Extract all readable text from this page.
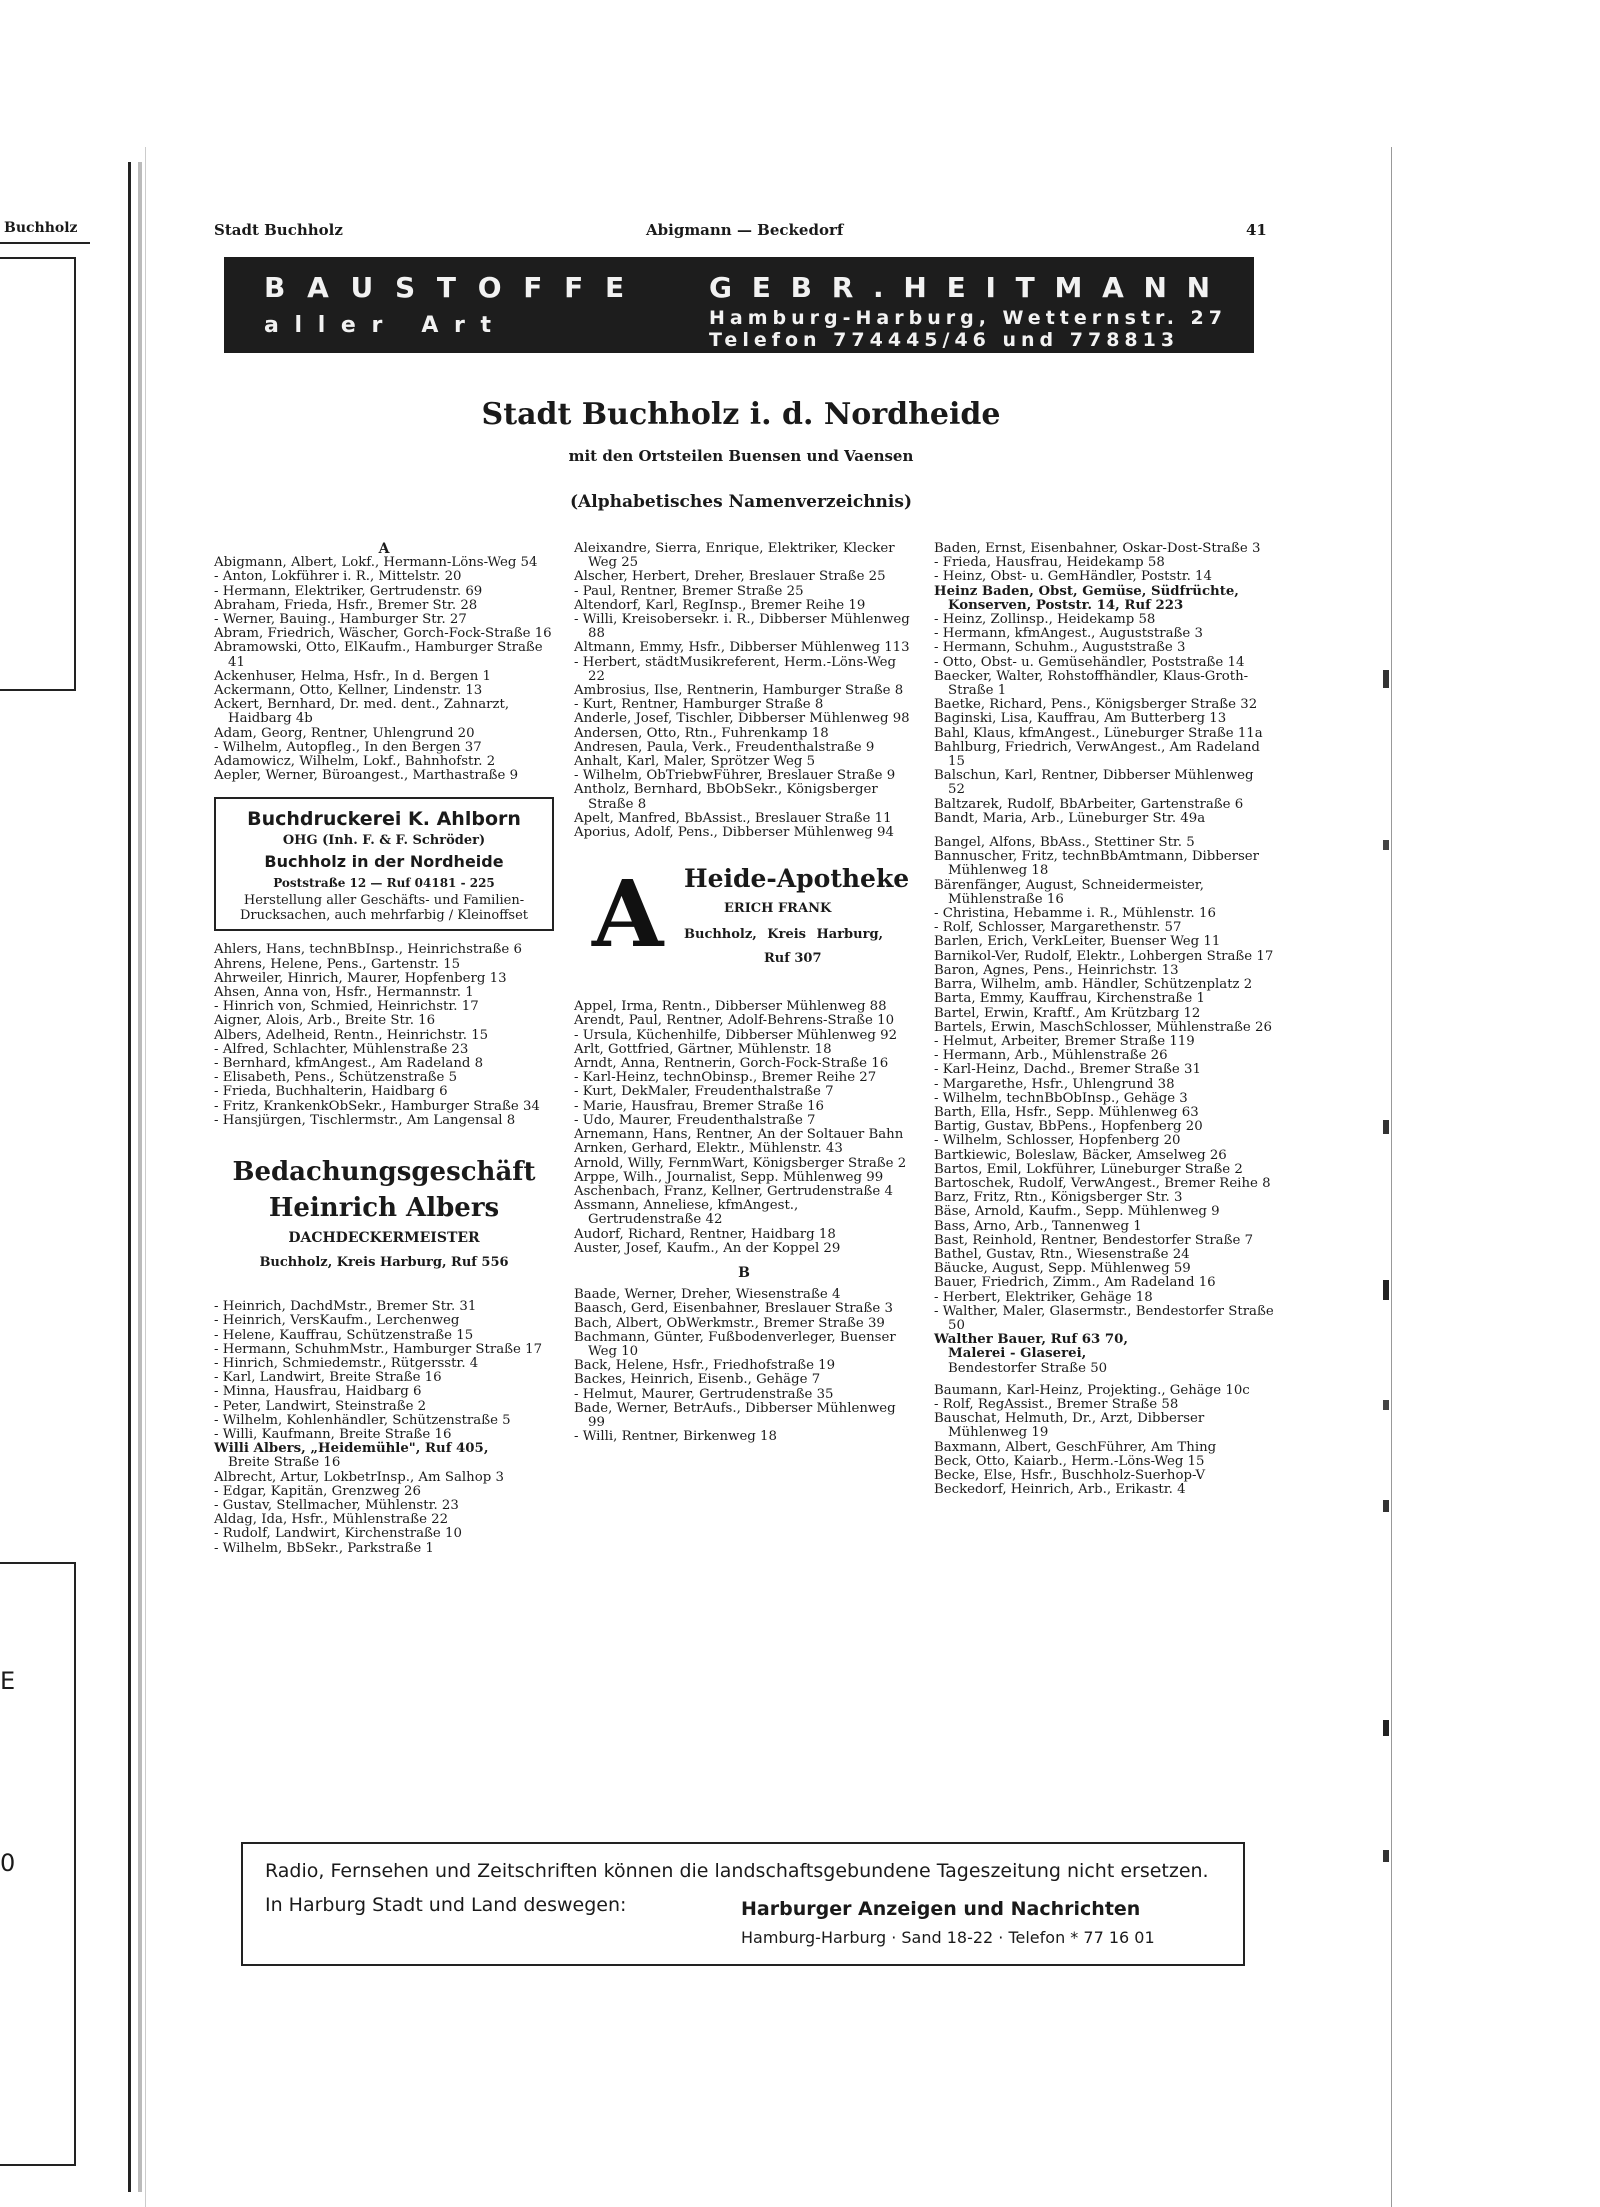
Buchholz
E
0
Stadt Buchholz	Abigmann — Beckedorf	41
B A U S T O F F E
a l l e r   A r t
G E B R . H E I T M A N N
Hamburg-Harburg, Wetternstr. 27
Telefon 774445/46 und 778813
Stadt Buchholz i. d. Nordheide
mit den Ortsteilen Buensen und Vaensen
(Alphabetisches Namenverzeichnis)

A

Abigmann, Albert, Lokf., Hermann-Löns-Weg 54

- Anton, Lokführer i. R., Mittelstr. 20

- Hermann, Elektriker, Gertrudenstr. 69

Abraham, Frieda, Hsfr., Bremer Str. 28

- Werner, Bauing., Hamburger Str. 27

Abram, Friedrich, Wäscher, Gorch-Fock-Straße 16

Abramowski, Otto, ElKaufm., Hamburger Straße 41

Ackenhuser, Helma, Hsfr., In d. Bergen 1

Ackermann, Otto, Kellner, Lindenstr. 13

Ackert, Bernhard, Dr. med. dent., Zahnarzt, Haidbarg 4b

Adam, Georg, Rentner, Uhlengrund 20

- Wilhelm, Autopfleg., In den Bergen 37

Adamowicz, Wilhelm, Lokf., Bahnhofstr. 2

Aepler, Werner, Büroangest., Marthastraße 9

Buchdruckerei K. Ahlborn
OHG (Inh. F. & F. Schröder)
Buchholz in der Nordheide
Poststraße 12 — Ruf 04181 - 225
Herstellung aller Geschäfts- und Familien-Drucksachen, auch mehrfarbig / Kleinoffset

Ahlers, Hans, technBbInsp., Heinrichstraße 6

Ahrens, Helene, Pens., Gartenstr. 15

Ahrweiler, Hinrich, Maurer, Hopfenberg 13

Ahsen, Anna von, Hsfr., Hermannstr. 1

- Hinrich von, Schmied, Heinrichstr. 17

Aigner, Alois, Arb., Breite Str. 16

Albers, Adelheid, Rentn., Heinrichstr. 15

- Alfred, Schlachter, Mühlenstraße 23

- Bernhard, kfmAngest., Am Radeland 8

- Elisabeth, Pens., Schützenstraße 5

- Frieda, Buchhalterin, Haidbarg 6

- Fritz, KrankenkObSekr., Hamburger Straße 34

- Hansjürgen, Tischlermstr., Am Langensal 8

Bedachungsgeschäft
Heinrich Albers
DACHDECKERMEISTER
Buchholz, Kreis Harburg, Ruf 556

- Heinrich, DachdMstr., Bremer Str. 31

- Heinrich, VersKaufm., Lerchenweg

- Helene, Kauffrau, Schützenstraße 15

- Hermann, SchuhmMstr., Hamburger Straße 17

- Hinrich, Schmiedemstr., Rütgersstr. 4

- Karl, Landwirt, Breite Straße 16

- Minna, Hausfrau, Haidbarg 6

- Peter, Landwirt, Steinstraße 2

- Wilhelm, Kohlenhändler, Schützenstraße 5

- Willi, Kaufmann, Breite Straße 16

Willi Albers, „Heidemühle", Ruf 405,

Breite Straße 16

Albrecht, Artur, LokbetrInsp., Am Salhop 3

- Edgar, Kapitän, Grenzweg 26

- Gustav, Stellmacher, Mühlenstr. 23

Aldag, Ida, Hsfr., Mühlenstraße 22

- Rudolf, Landwirt, Kirchenstraße 10

- Wilhelm, BbSekr., Parkstraße 1

Aleixandre, Sierra, Enrique, Elektriker, Klecker Weg 25

Alscher, Herbert, Dreher, Breslauer Straße 25

- Paul, Rentner, Bremer Straße 25

Altendorf, Karl, RegInsp., Bremer Reihe 19

- Willi, Kreisobersekr. i. R., Dibberser Mühlenweg 88

Altmann, Emmy, Hsfr., Dibberser Mühlenweg 113

- Herbert, städtMusikreferent, Herm.-Löns-Weg 22

Ambrosius, Ilse, Rentnerin, Hamburger Straße 8

- Kurt, Rentner, Hamburger Straße 8

Anderle, Josef, Tischler, Dibberser Mühlenweg 98

Andersen, Otto, Rtn., Fuhrenkamp 18

Andresen, Paula, Verk., Freudenthalstraße 9

Anhalt, Karl, Maler, Sprötzer Weg 5

- Wilhelm, ObTriebwFührer, Breslauer Straße 9

Antholz, Bernhard, BbObSekr., Königsberger Straße 8

Apelt, Manfred, BbAssist., Breslauer Straße 11

Aporius, Adolf, Pens., Dibberser Mühlenweg 94

A Heide-Apotheke
ERICH FRANK
Buchholz, Kreis Harburg,
Ruf 307

Appel, Irma, Rentn., Dibberser Mühlenweg 88

Arendt, Paul, Rentner, Adolf-Behrens-Straße 10

- Ursula, Küchenhilfe, Dibberser Mühlenweg 92

Arlt, Gottfried, Gärtner, Mühlenstr. 18

Arndt, Anna, Rentnerin, Gorch-Fock-Straße 16

- Karl-Heinz, technObinsp., Bremer Reihe 27

- Kurt, DekMaler, Freudenthalstraße 7

- Marie, Hausfrau, Bremer Straße 16

- Udo, Maurer, Freudenthalstraße 7

Arnemann, Hans, Rentner, An der Soltauer Bahn

Arnken, Gerhard, Elektr., Mühlenstr. 43

Arnold, Willy, FernmWart, Königsberger Straße 2

Arppe, Wilh., Journalist, Sepp. Mühlenweg 99

Aschenbach, Franz, Kellner, Gertrudenstraße 4

Assmann, Anneliese, kfmAngest., Gertrudenstraße 42

Audorf, Richard, Rentner, Haidbarg 18

Auster, Josef, Kaufm., An der Koppel 29

B

Baade, Werner, Dreher, Wiesenstraße 4

Baasch, Gerd, Eisenbahner, Breslauer Straße 3

Bach, Albert, ObWerkmstr., Bremer Straße 39

Bachmann, Günter, Fußbodenverleger, Buenser Weg 10

Back, Helene, Hsfr., Friedhofstraße 19

Backes, Heinrich, Eisenb., Gehäge 7

- Helmut, Maurer, Gertrudenstraße 35

Bade, Werner, BetrAufs., Dibberser Mühlenweg 99

- Willi, Rentner, Birkenweg 18

Baden, Ernst, Eisenbahner, Oskar-Dost-Straße 3

- Frieda, Hausfrau, Heidekamp 58

- Heinz, Obst- u. GemHändler, Poststr. 14

Heinz Baden, Obst, Gemüse, Südfrüchte, Konserven, Poststr. 14, Ruf 223

- Heinz, Zollinsp., Heidekamp 58

- Hermann, kfmAngest., Auguststraße 3

- Hermann, Schuhm., Auguststraße 3

- Otto, Obst- u. Gemüsehändler, Poststraße 14

Baecker, Walter, Rohstoffhändler, Klaus-Groth-Straße 1

Baetke, Richard, Pens., Königsberger Straße 32

Baginski, Lisa, Kauffrau, Am Butterberg 13

Bahl, Klaus, kfmAngest., Lüneburger Straße 11a

Bahlburg, Friedrich, VerwAngest., Am Radeland 15

Balschun, Karl, Rentner, Dibberser Mühlenweg 52

Baltzarek, Rudolf, BbArbeiter, Gartenstraße 6

Bandt, Maria, Arb., Lüneburger Str. 49a

Bangel, Alfons, BbAss., Stettiner Str. 5

Bannuscher, Fritz, technBbAmtmann, Dibberser Mühlenweg 18

Bärenfänger, August, Schneidermeister, Mühlenstraße 16

- Christina, Hebamme i. R., Mühlenstr. 16

- Rolf, Schlosser, Margarethenstr. 57

Barlen, Erich, VerkLeiter, Buenser Weg 11

Barnikol-Ver, Rudolf, Elektr., Lohbergen Straße 17

Baron, Agnes, Pens., Heinrichstr. 13

Barra, Wilhelm, amb. Händler, Schützenplatz 2

Barta, Emmy, Kauffrau, Kirchenstraße 1

Bartel, Erwin, Kraftf., Am Krützbarg 12

Bartels, Erwin, MaschSchlosser, Mühlenstraße 26

- Helmut, Arbeiter, Bremer Straße 119

- Hermann, Arb., Mühlenstraße 26

- Karl-Heinz, Dachd., Bremer Straße 31

- Margarethe, Hsfr., Uhlengrund 38

- Wilhelm, technBbObInsp., Gehäge 3

Barth, Ella, Hsfr., Sepp. Mühlenweg 63

Bartig, Gustav, BbPens., Hopfenberg 20

- Wilhelm, Schlosser, Hopfenberg 20

Bartkiewic, Boleslaw, Bäcker, Amselweg 26

Bartos, Emil, Lokführer, Lüneburger Straße 2

Bartoschek, Rudolf, VerwAngest., Bremer Reihe 8

Barz, Fritz, Rtn., Königsberger Str. 3

Bäse, Arnold, Kaufm., Sepp. Mühlenweg 9

Bass, Arno, Arb., Tannenweg 1

Bast, Reinhold, Rentner, Bendestorfer Straße 7

Bathel, Gustav, Rtn., Wiesenstraße 24

Bäucke, August, Sepp. Mühlenweg 59

Bauer, Friedrich, Zimm., Am Radeland 16

- Herbert, Elektriker, Gehäge 18

- Walther, Maler, Glasermstr., Bendestorfer Straße 50

Walther Bauer, Ruf 63 70,

Malerei - Glaserei,

Bendestorfer Straße 50

Baumann, Karl-Heinz, Projekting., Gehäge 10c

- Rolf, RegAssist., Bremer Straße 58

Bauschat, Helmuth, Dr., Arzt, Dibberser Mühlenweg 19

Baxmann, Albert, GeschFührer, Am Thing

Beck, Otto, Kaiarb., Herm.-Löns-Weg 15

Becke, Else, Hsfr., Buschholz-Suerhop-V

Beckedorf, Heinrich, Arb., Erikastr. 4

Radio, Fernsehen und Zeitschriften können die landschaftsgebundene Tageszeitung nicht ersetzen.
In Harburg Stadt und Land deswegen:	Harburger Anzeigen und Nachrichten
Hamburg-Harburg · Sand 18-22 · Telefon * 77 16 01
